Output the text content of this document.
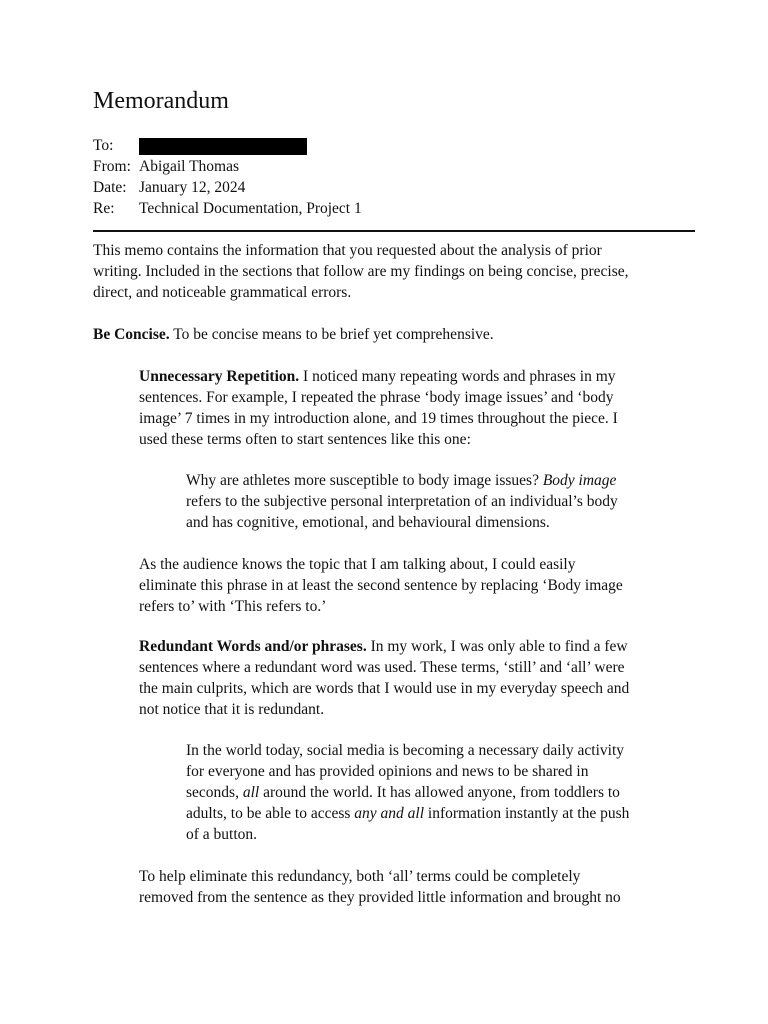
Memorandum
To:
From: Abigail Thomas
Date: January 12, 2024
Re:	Technical Documentation, Project 1

This memo contains the information that you requested about the analysis of prior
writing. Included in the sections that follow are my findings on being concise, precise,
direct, and noticeable grammatical errors.

Be Concise. To be concise means to be brief yet comprehensive.

Unnecessary Repetition. I noticed many repeating words and phrases in my
sentences. For example, I repeated the phrase ‘body image issues’ and ‘body
image’ 7 times in my introduction alone, and 19 times throughout the piece. I
used these terms often to start sentences like this one:

Why are athletes more susceptible to body image issues? Body image
refers to the subjective personal interpretation of an individual’s body
and has cognitive, emotional, and behavioural dimensions.

As the audience knows the topic that I am talking about, I could easily
eliminate this phrase in at least the second sentence by replacing ‘Body image
refers to’ with ‘This refers to.’

Redundant Words and/or phrases. In my work, I was only able to find a few
sentences where a redundant word was used. These terms, ‘still’ and ‘all’ were
the main culprits, which are words that I would use in my everyday speech and
not notice that it is redundant.

In the world today, social media is becoming a necessary daily activity
for everyone and has provided opinions and news to be shared in
seconds, all around the world. It has allowed anyone, from toddlers to
adults, to be able to access any and all information instantly at the push
of a button.

To help eliminate this redundancy, both ‘all’ terms could be completely
removed from the sentence as they provided little information and brought no
